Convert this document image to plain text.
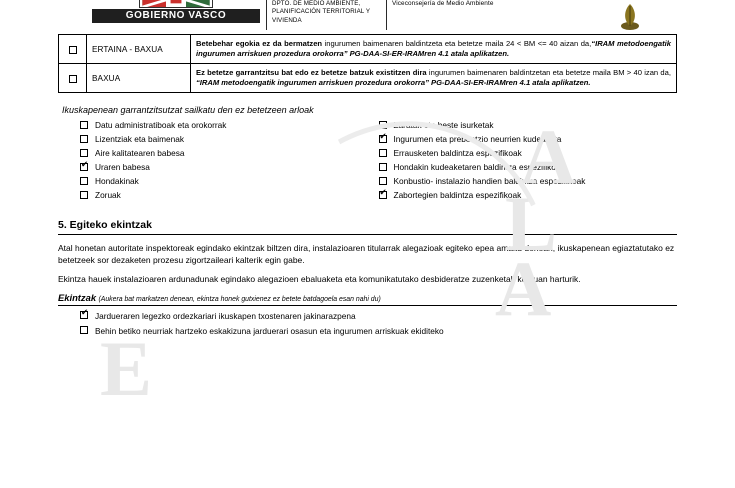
A
L
A
E
GOBIERNO VASCO
DPTO. DE MEDIO AMBIENTE, PLANIFICACIÓN TERRITORIAL Y VIVIENDA
Viceconsejería de Medio Ambiente
	ERTAINA - BAXUA	Betebehar egokia ez da bermatzen ingurumen baimenaren baldintzeta eta betetze maila 24 < BM <= 40 aizan da,“IRAM metodoengatik ingurumen arriskuen prozedura orokorra” PG-DAA-SI-ER-IRAMren 4.1 atala aplikatzen.
	BAXUA	Ez betetze garrantzitsu bat edo ez betetze batzuk existitzen dira ingurumen baimenaren baldintzetan eta betetze maila BM > 40 izan da, “IRAM metodoengatik ingurumen arriskuen prozedura orokorra” PG-DAA-SI-ER-IRAMren 4.1 atala aplikatzen.
Ikuskapenean garrantzitsutzat sailkatu den ez betetzeen arloak
Datu administratiboak eta orokorrak
Lizentziak eta baimenak
Aire kalitatearen babesa
✔
Uraren babesa
Hondakinak
Zoruak
Zaratak eta beste isurketak
✔
Ingurumen eta prebentzio neurrien kudeaketa
Errausketen baldintza espezifikoak
Hondakin kudeaketaren baldintza espezifikoak
Konbustio- instalazio handien baldintza espezifikoak
✔
Zabortegien baldintza espezifikoak
5. Egiteko ekintzak

Atal honetan autoritate inspektoreak egindako ekintzak biltzen dira, instalazioaren titularrak alegazioak egiteko epea amaitu denean, ikuskapenean egiaztatutako ez betetzeek sor dezaketen prozesu zigortzaileari kalterik egin gabe.

Ekintza hauek instalazioaren ardunadunak egindako alegazioen ebaluaketa eta komunikatutako desbideratze zuzenketak kontuan harturik.

Ekintzak (Aukera bat markatzen denean, ekintza honek gutxienez ez betete batdagoela esan nahi du)
✔
Jardueraren legezko ordezkariari ikuskapen txostenaren jakinarazpena
Behin betiko neurriak hartzeko eskakizuna jarduerari osasun eta ingurumen arriskuak ekiditeko
